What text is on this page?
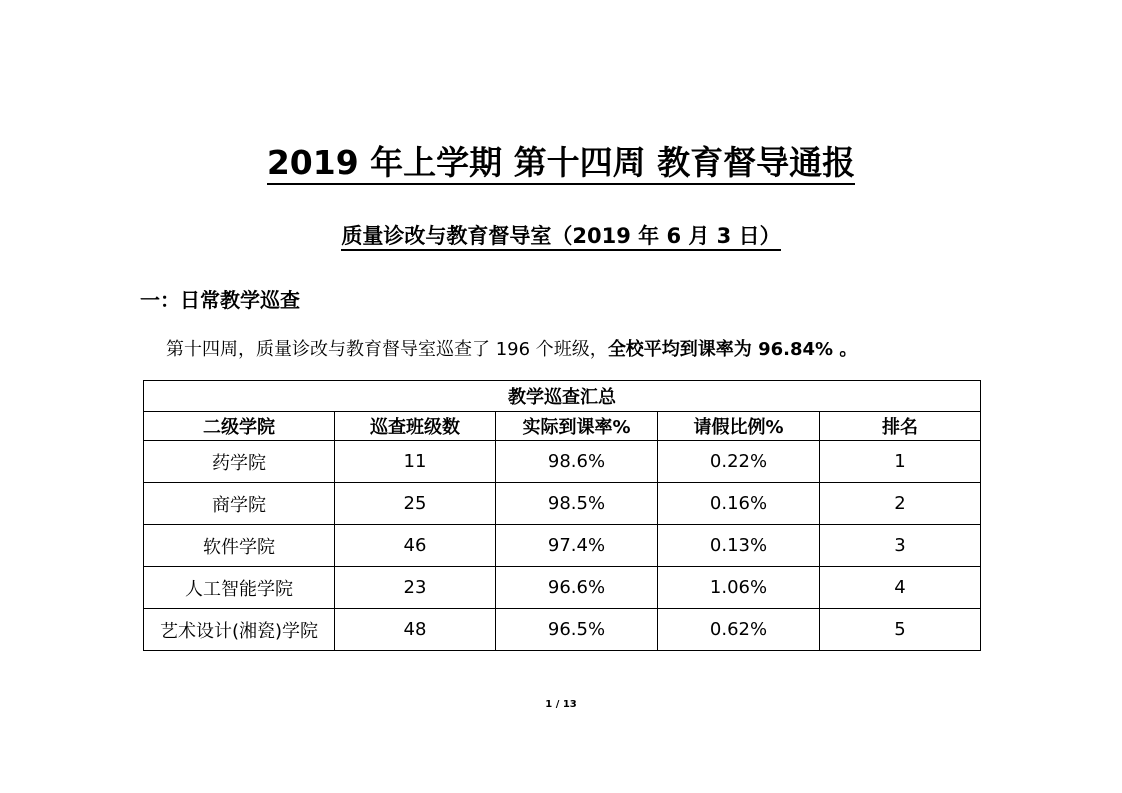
2019 年上学期 第十四周 教育督导通报
质量诊改与教育督导室（2019 年 6 月 3 日）
一：日常教学巡查
第十四周，质量诊改与教育督导室巡查了 196 个班级，全校平均到课率为 96.84% 。
教学巡查汇总				
二级学院	巡查班级数	实际到课率%	请假比例%	排名
药学院	11	98.6%	0.22%	1
商学院	25	98.5%	0.16%	2
软件学院	46	97.4%	0.13%	3
人工智能学院	23	96.6%	1.06%	4
艺术设计(湘瓷)学院	48	96.5%	0.62%	5
1 / 13
